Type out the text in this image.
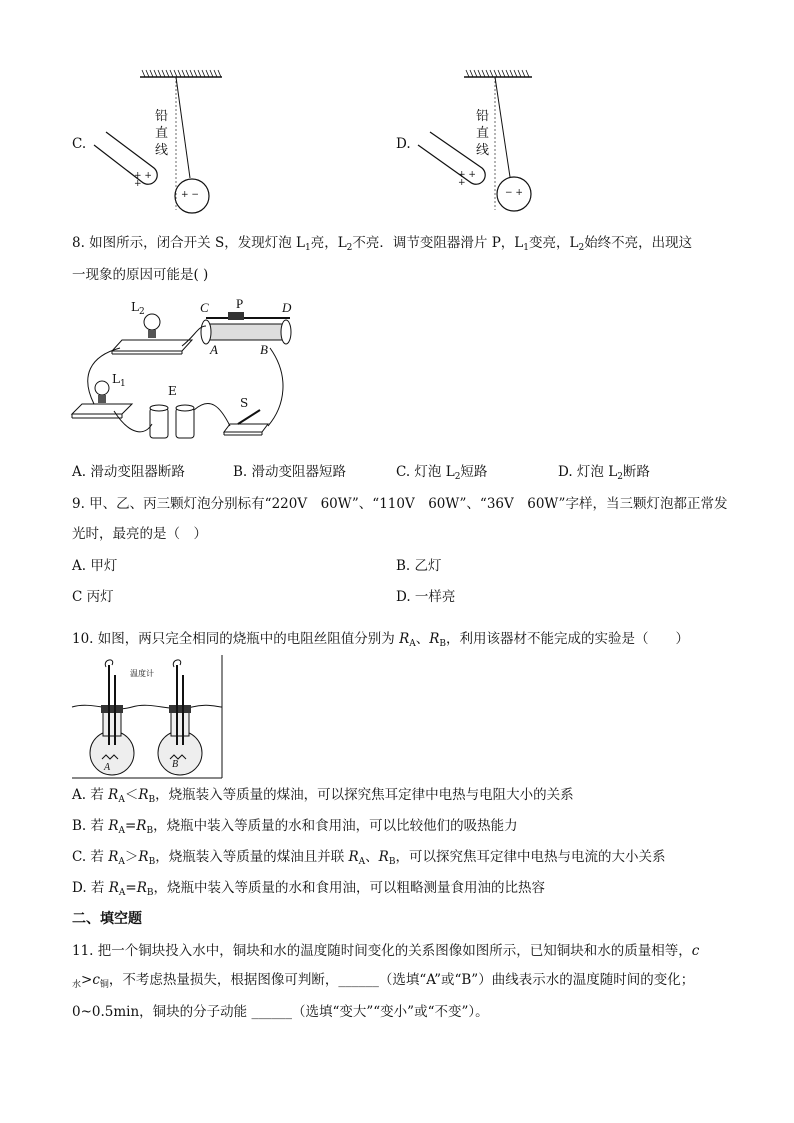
C.
铅直线
+ + +
+ −
D.
铅直线
+ + +
− +
8. 如图所示，闭合开关 S，发现灯泡 $L_1$亮，$L_2$不亮．调节变阻器滑片 P，$L_1$变亮，$L_2$始终不亮，出现这
一现象的原因可能是( )
$L_2$
$L_1$
P
C	D
A	B
E
S
A. 滑动变阻器断路	B. 滑动变阻器短路	C. 灯泡 $L_2$短路	D. 灯泡 $L_2$断路
9. 甲、乙、丙三颗灯泡分别标有“220V　60W”、“110V　60W”、“36V　60W”字样，当三颗灯泡都正常发
光时，最亮的是（　）
A. 甲灯	B. 乙灯
C 丙灯	D. 一样亮
10. 如图，两只完全相同的烧瓶中的电阻丝阻值分别为 $R_A$、$R_B$，利用该器材不能完成的实验是（　　）
温度计
A	B
A. 若 $R_A<R_B$，烧瓶装入等质量的煤油，可以探究焦耳定律中电热与电阻大小的关系
B. 若 $R_A=R_B$，烧瓶中装入等质量的水和食用油，可以比较他们的吸热能力
C. 若 $R_A>R_B$，烧瓶装入等质量的煤油且并联 $R_A$、$R_B$，可以探究焦耳定律中电热与电流的大小关系
D. 若 $R_A=R_B$，烧瓶中装入等质量的水和食用油，可以粗略测量食用油的比热容
二、填空题
11. 把一个铜块投入水中，铜块和水的温度随时间变化的关系图像如图所示，已知铜块和水的质量相等，c
$_水>c_铜$，不考虑热量损失，根据图像可判断，______（选填“A”或“B”）曲线表示水的温度随时间的变化；
0~0.5min，铜块的分子动能 ______（选填“变大”“变小”或“不变”）。
